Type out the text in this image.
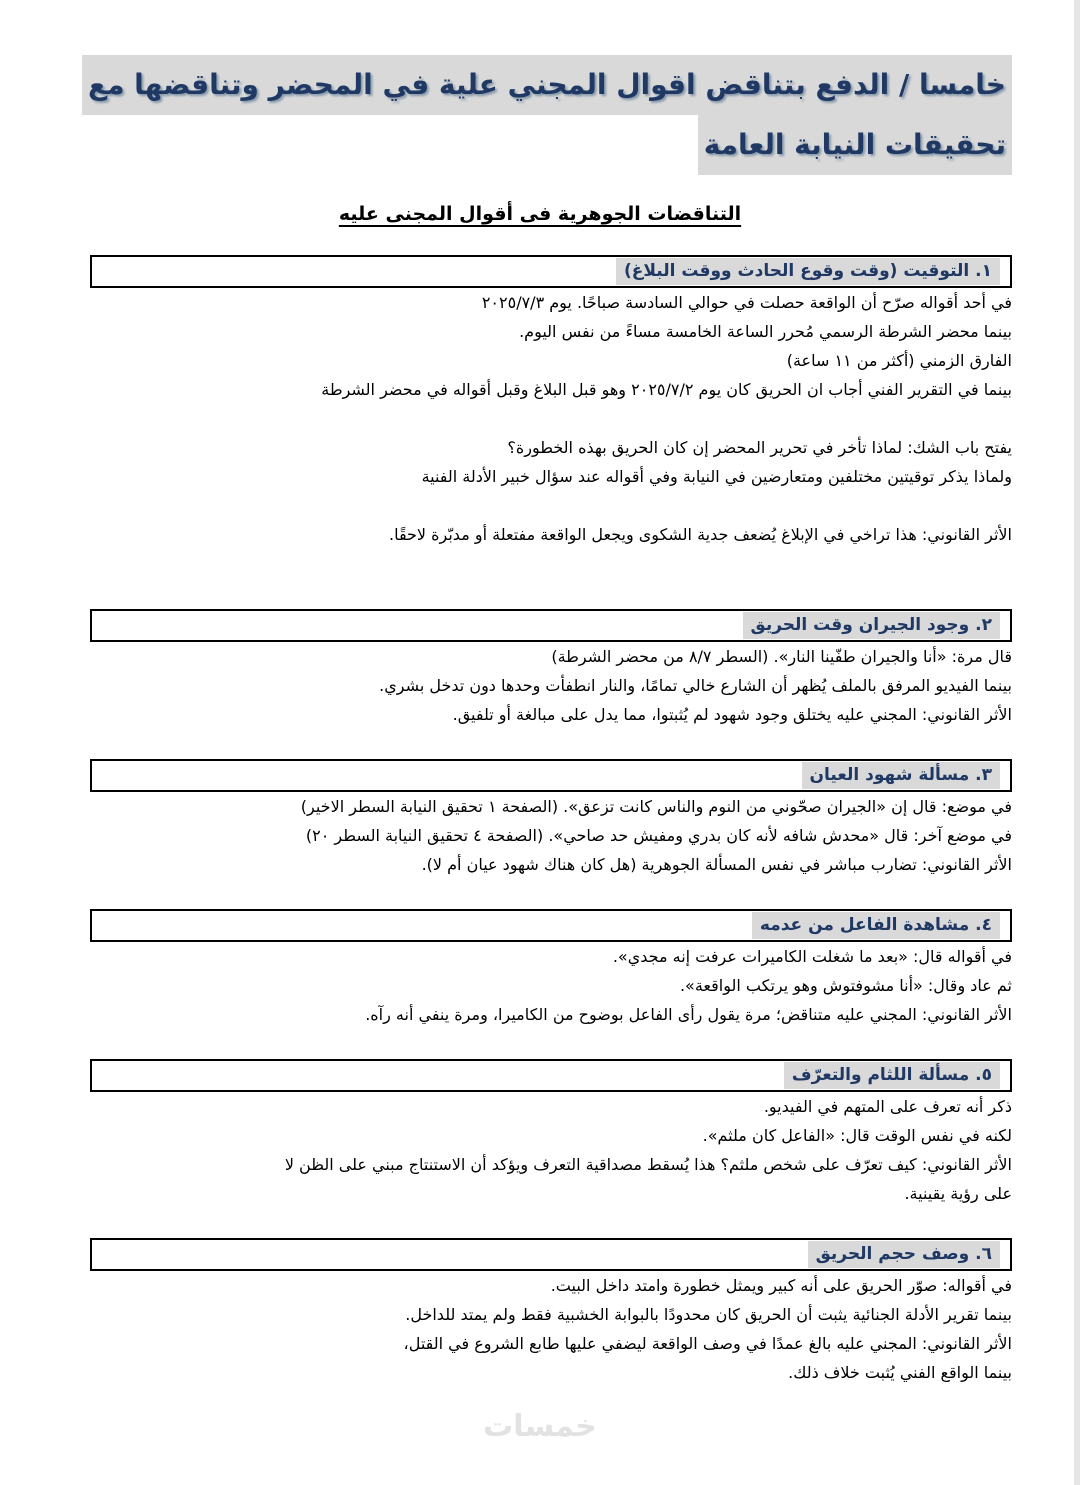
خامسا / الدفع بتناقض اقوال المجني علية في المحضر وتناقضها مع
تحقيقات النيابة العامة
التناقضات الجوهرية فى أقوال المجنى عليه
١. التوقيت (وقت وقوع الحادث ووقت البلاغ)
في أحد أقواله صرّح أن الواقعة حصلت في حوالي السادسة صباحًا. يوم ٢٠٢٥/٧/٣
بينما محضر الشرطة الرسمي مُحرر الساعة الخامسة مساءً من نفس اليوم.
الفارق الزمني (أكثر من ١١ ساعة)
بينما في التقرير الفني أجاب ان الحريق كان يوم ٢٠٢٥/٧/٢ وهو قبل البلاغ وقبل أقواله في محضر الشرطة
يفتح باب الشك: لماذا تأخر في تحرير المحضر إن كان الحريق بهذه الخطورة؟
ولماذا يذكر توقيتين مختلفين ومتعارضين في النيابة وفي أقواله عند سؤال خبير الأدلة الفنية
الأثر القانوني: هذا تراخي في الإبلاغ يُضعف جدية الشكوى ويجعل الواقعة مفتعلة أو مدبّرة لاحقًا.
٢. وجود الجيران وقت الحريق
قال مرة: «أنا والجيران طفّينا النار». (السطر ٨/٧ من محضر الشرطة)
بينما الفيديو المرفق بالملف يُظهر أن الشارع خالي تمامًا، والنار انطفأت وحدها دون تدخل بشري.
الأثر القانوني: المجني عليه يختلق وجود شهود لم يُثبتوا، مما يدل على مبالغة أو تلفيق.
٣. مسألة شهود العيان
في موضع: قال إن «الجيران صحّوني من النوم والناس كانت تزعق». (الصفحة ١ تحقيق النيابة السطر الاخير)
في موضع آخر: قال «محدش شافه لأنه كان بدري ومفيش حد صاحي». (الصفحة ٤ تحقيق النيابة السطر ٢٠)
الأثر القانوني: تضارب مباشر في نفس المسألة الجوهرية (هل كان هناك شهود عيان أم لا).
٤. مشاهدة الفاعل من عدمه
في أقواله قال: «بعد ما شغلت الكاميرات عرفت إنه مجدي».
ثم عاد وقال: «أنا مشوفتوش وهو يرتكب الواقعة».
الأثر القانوني: المجني عليه متناقض؛ مرة يقول رأى الفاعل بوضوح من الكاميرا، ومرة ينفي أنه رآه.
٥. مسألة اللثام والتعرّف
ذكر أنه تعرف على المتهم في الفيديو.
لكنه في نفس الوقت قال: «الفاعل كان ملثم».
الأثر القانوني: كيف تعرّف على شخص ملثم؟ هذا يُسقط مصداقية التعرف ويؤكد أن الاستنتاج مبني على الظن لا
على رؤية يقينية.
٦. وصف حجم الحريق
في أقواله: صوّر الحريق على أنه كبير ويمثل خطورة وامتد داخل البيت.
بينما تقرير الأدلة الجنائية يثبت أن الحريق كان محدودًا بالبوابة الخشبية فقط ولم يمتد للداخل.
الأثر القانوني: المجني عليه بالغ عمدًا في وصف الواقعة ليضفي عليها طابع الشروع في القتل،
بينما الواقع الفني يُثبت خلاف ذلك.
خمسات
